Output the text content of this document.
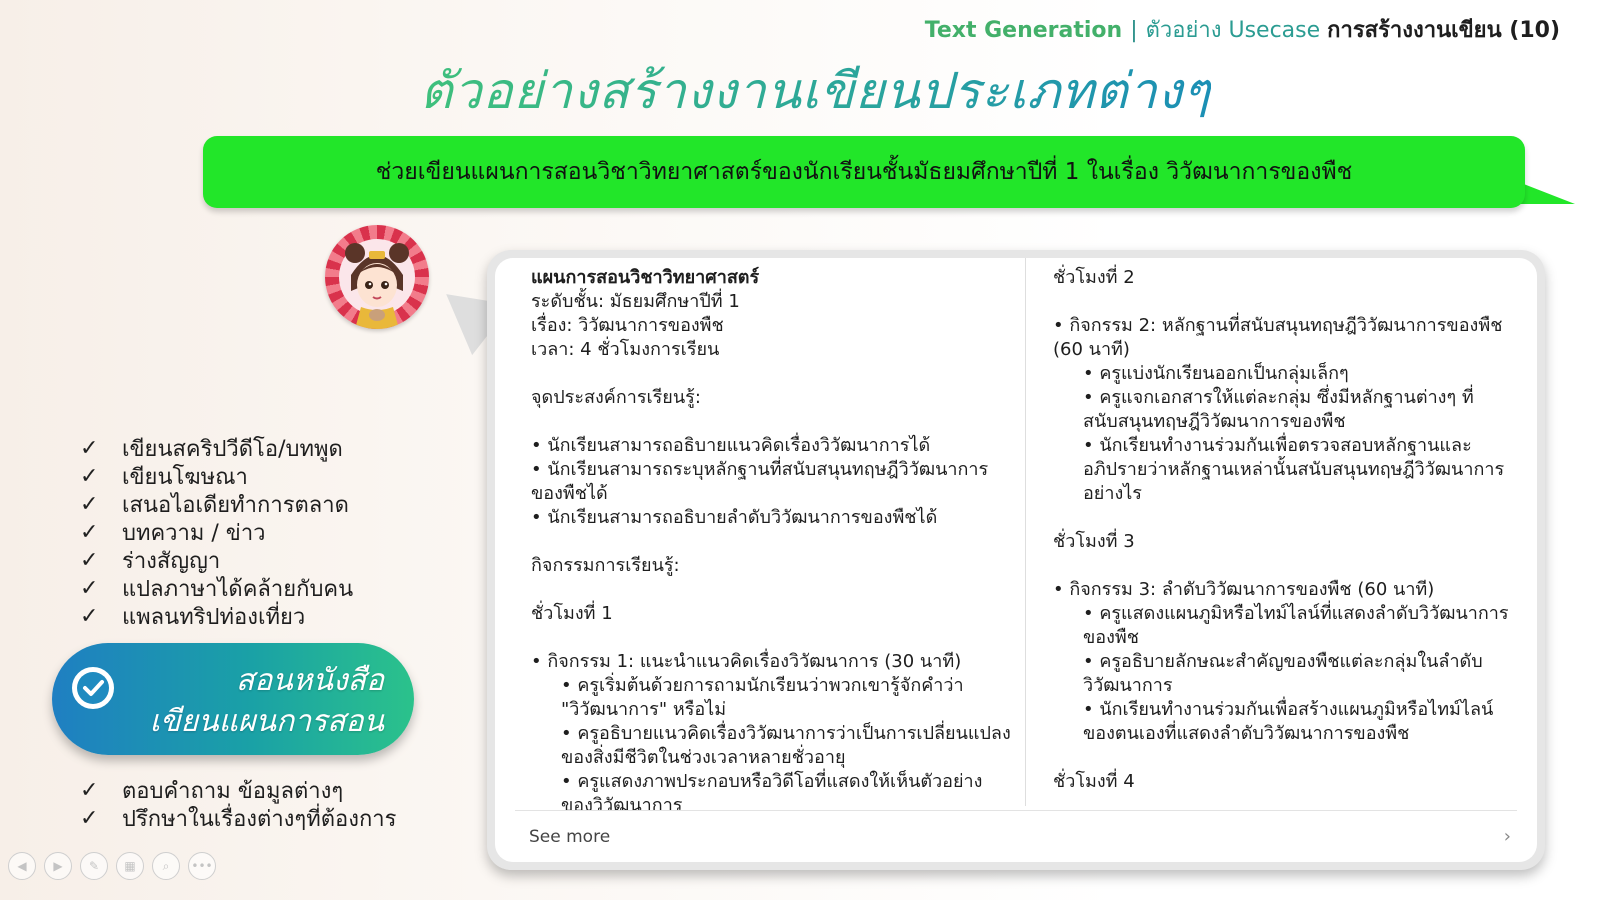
Text Generation | ตัวอย่าง Usecase การสร้างงานเขียน (10)
ตัวอย่างสร้างงานเขียนประเภทต่างๆ
ช่วยเขียนแผนการสอนวิชาวิทยาศาสตร์ของนักเรียนชั้นมัธยมศึกษาปีที่ 1 ในเรื่อง วิวัฒนาการของพืช
✓	เขียนสคริปวีดีโอ/บทพูด
✓	เขียนโฆษณา
✓	เสนอไอเดียทำการตลาด
✓	บทความ / ข่าว
✓	ร่างสัญญา
✓	แปลภาษาได้คล้ายกับคน
✓	แพลนทริปท่องเที่ยว
สอนหนังสือ
เขียนแผนการสอน
✓	ตอบคำถาม ข้อมูลต่างๆ
✓	ปรึกษาในเรื่องต่างๆที่ต้องการ

แผนการสอนวิชาวิทยาศาสตร์

ระดับชั้น: มัธยมศึกษาปีที่ 1

เรื่อง: วิวัฒนาการของพืช

เวลา: 4 ชั่วโมงการเรียน

จุดประสงค์การเรียนรู้:

• นักเรียนสามารถอธิบายแนวคิดเรื่องวิวัฒนาการได้

• นักเรียนสามารถระบุหลักฐานที่สนับสนุนทฤษฎีวิวัฒนาการของพืชได้

• นักเรียนสามารถอธิบายลำดับวิวัฒนาการของพืชได้

กิจกรรมการเรียนรู้:

ชั่วโมงที่ 1

• กิจกรรม 1: แนะนำแนวคิดเรื่องวิวัฒนาการ (30 นาที)

• ครูเริ่มต้นด้วยการถามนักเรียนว่าพวกเขารู้จักคำว่า "วิวัฒนาการ" หรือไม่

• ครูอธิบายแนวคิดเรื่องวิวัฒนาการว่าเป็นการเปลี่ยนแปลงของสิ่งมีชีวิตในช่วงเวลาหลายชั่วอายุ

• ครูแสดงภาพประกอบหรือวิดีโอที่แสดงให้เห็นตัวอย่างของวิวัฒนาการ

ชั่วโมงที่ 2

• กิจกรรม 2: หลักฐานที่สนับสนุนทฤษฎีวิวัฒนาการของพืช (60 นาที)

• ครูแบ่งนักเรียนออกเป็นกลุ่มเล็กๆ

• ครูแจกเอกสารให้แต่ละกลุ่ม ซึ่งมีหลักฐานต่างๆ ที่สนับสนุนทฤษฎีวิวัฒนาการของพืช

• นักเรียนทำงานร่วมกันเพื่อตรวจสอบหลักฐานและอภิปรายว่าหลักฐานเหล่านั้นสนับสนุนทฤษฎีวิวัฒนาการอย่างไร

ชั่วโมงที่ 3

• กิจกรรม 3: ลำดับวิวัฒนาการของพืช (60 นาที)

• ครูแสดงแผนภูมิหรือไทม์ไลน์ที่แสดงลำดับวิวัฒนาการของพืช

• ครูอธิบายลักษณะสำคัญของพืชแต่ละกลุ่มในลำดับวิวัฒนาการ

• นักเรียนทำงานร่วมกันเพื่อสร้างแผนภูมิหรือไทม์ไลน์ของตนเองที่แสดงลำดับวิวัฒนาการของพืช

ชั่วโมงที่ 4

See more	›
◀	▶	✎	▦	⌕	•••
